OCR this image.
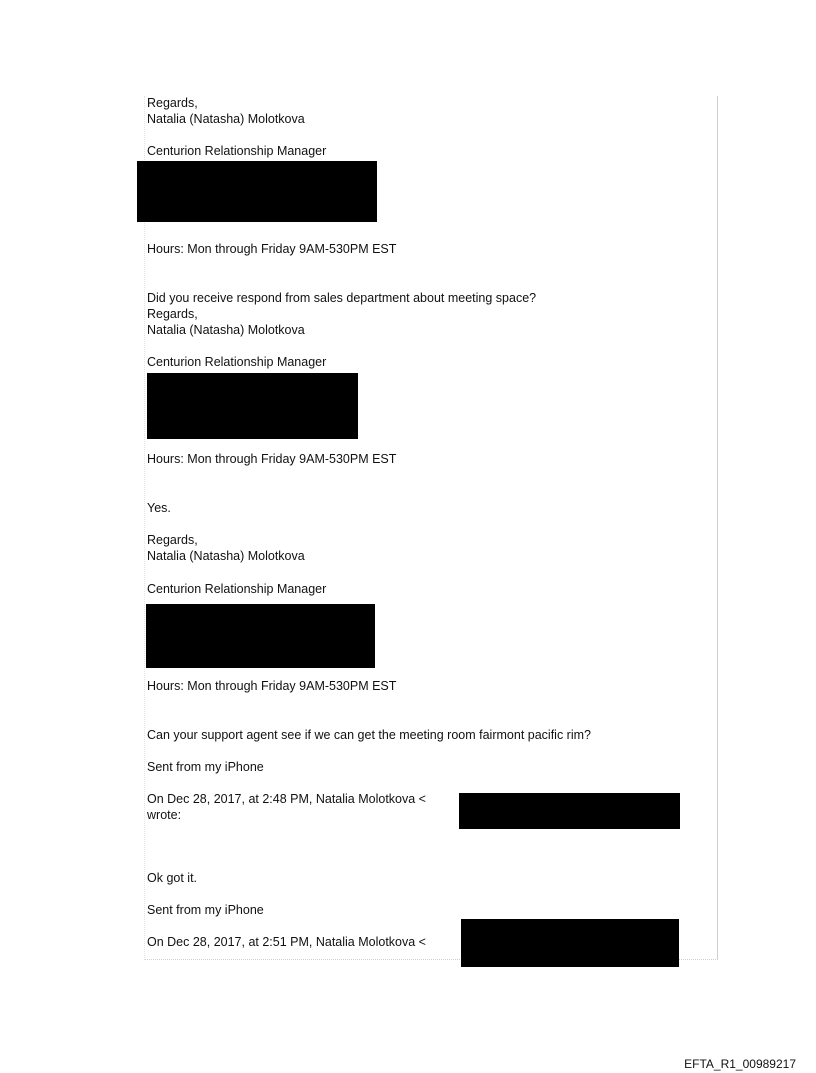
Regards,
Natalia (Natasha) Molotkova
Centurion Relationship Manager
Hours: Mon through Friday 9AM-530PM EST
Did you receive respond from sales department about meeting space?
Regards,
Natalia (Natasha) Molotkova
Centurion Relationship Manager
Hours: Mon through Friday 9AM-530PM EST
Yes.
Regards,
Natalia (Natasha) Molotkova
Centurion Relationship Manager
Hours: Mon through Friday 9AM-530PM EST
Can your support agent see if we can get the meeting room fairmont pacific rim?
Sent from my iPhone
On Dec 28, 2017, at 2:48 PM, Natalia Molotkova <
wrote:
Ok got it.
Sent from my iPhone
On Dec 28, 2017, at 2:51 PM, Natalia Molotkova <
EFTA_R1_00989217
